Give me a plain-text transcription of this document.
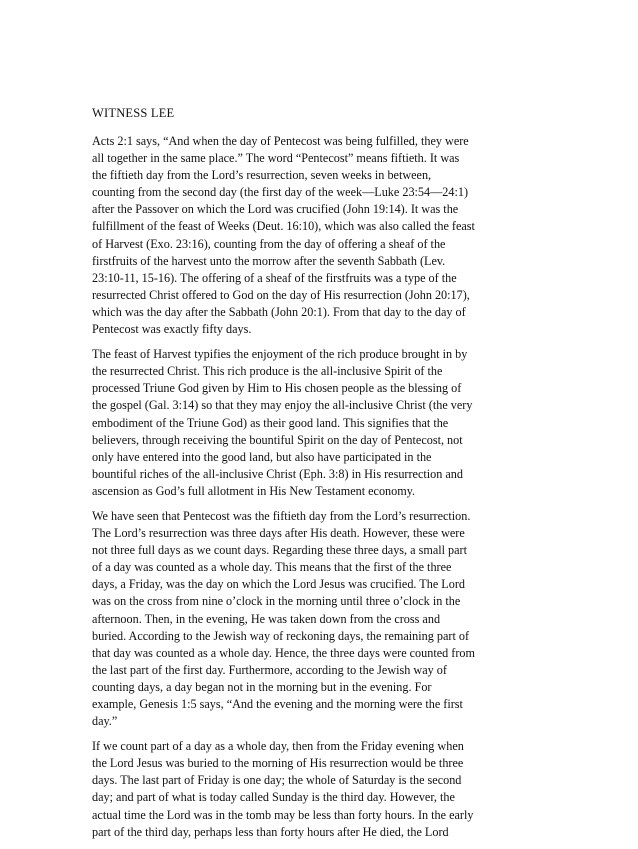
WITNESS LEE

Acts 2:1 says, “And when the day of Pentecost was being fulfilled, they were
all together in the same place.” The word “Pentecost” means fiftieth. It was
the fiftieth day from the Lord’s resurrection, seven weeks in between,
counting from the second day (the first day of the week—Luke 23:54—24:1)
after the Passover on which the Lord was crucified (John 19:14). It was the
fulfillment of the feast of Weeks (Deut. 16:10), which was also called the feast
of Harvest (Exo. 23:16), counting from the day of offering a sheaf of the
firstfruits of the harvest unto the morrow after the seventh Sabbath (Lev.
23:10-11, 15-16). The offering of a sheaf of the firstfruits was a type of the
resurrected Christ offered to God on the day of His resurrection (John 20:17),
which was the day after the Sabbath (John 20:1). From that day to the day of
Pentecost was exactly fifty days.

The feast of Harvest typifies the enjoyment of the rich produce brought in by
the resurrected Christ. This rich produce is the all-inclusive Spirit of the
processed Triune God given by Him to His chosen people as the blessing of
the gospel (Gal. 3:14) so that they may enjoy the all-inclusive Christ (the very
embodiment of the Triune God) as their good land. This signifies that the
believers, through receiving the bountiful Spirit on the day of Pentecost, not
only have entered into the good land, but also have participated in the
bountiful riches of the all-inclusive Christ (Eph. 3:8) in His resurrection and
ascension as God’s full allotment in His New Testament economy.

We have seen that Pentecost was the fiftieth day from the Lord’s resurrection.
The Lord’s resurrection was three days after His death. However, these were
not three full days as we count days. Regarding these three days, a small part
of a day was counted as a whole day. This means that the first of the three
days, a Friday, was the day on which the Lord Jesus was crucified. The Lord
was on the cross from nine o’clock in the morning until three o’clock in the
afternoon. Then, in the evening, He was taken down from the cross and
buried. According to the Jewish way of reckoning days, the remaining part of
that day was counted as a whole day. Hence, the three days were counted from
the last part of the first day. Furthermore, according to the Jewish way of
counting days, a day began not in the morning but in the evening. For
example, Genesis 1:5 says, “And the evening and the morning were the first
day.”

If we count part of a day as a whole day, then from the Friday evening when
the Lord Jesus was buried to the morning of His resurrection would be three
days. The last part of Friday is one day; the whole of Saturday is the second
day; and part of what is today called Sunday is the third day. However, the
actual time the Lord was in the tomb may be less than forty hours. In the early
part of the third day, perhaps less than forty hours after He died, the Lord
